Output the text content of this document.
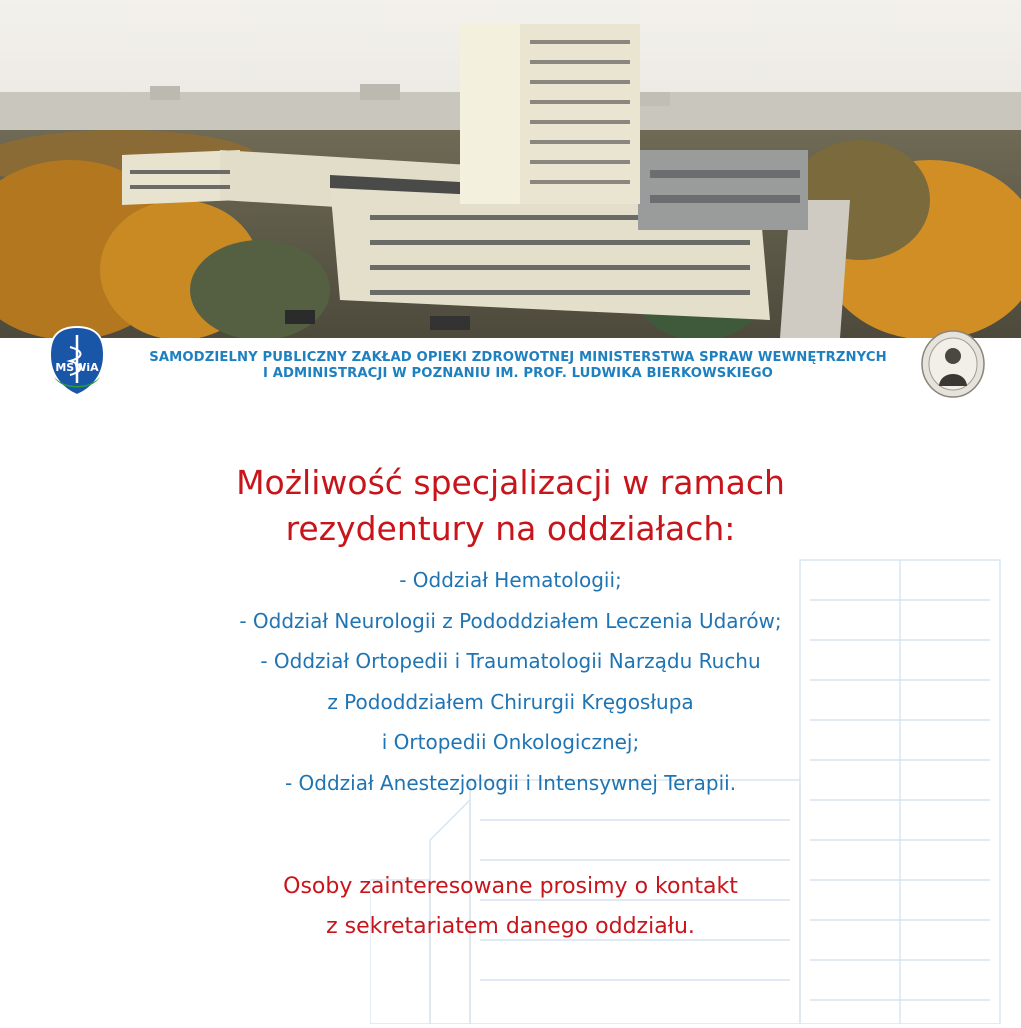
MSWiA
SAMODZIELNY PUBLICZNY ZAKŁAD OPIEKI ZDROWOTNEJ MINISTERSTWA SPRAW WEWNĘTRZNYCH
I ADMINISTRACJI W POZNANIU IM. PROF. LUDWIKA BIERKOWSKIEGO
Możliwość specjalizacji w ramach
rezydentury na oddziałach:
- Oddział Hematologii;
- Oddział Neurologii z Pododdziałem Leczenia Udarów;
- Oddział Ortopedii i Traumatologii Narządu Ruchu
z Pododdziałem Chirurgii Kręgosłupa
i Ortopedii Onkologicznej;
- Oddział Anestezjologii i Intensywnej Terapii.
Osoby zainteresowane prosimy o kontakt
z sekretariatem danego oddziału.
